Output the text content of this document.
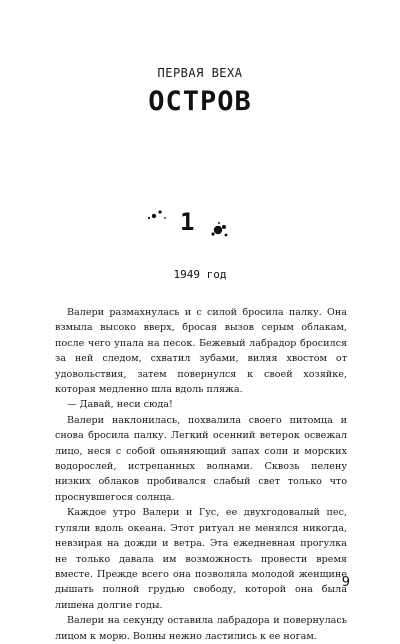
ПЕРВАЯ ВЕХА
ОСТРОВ
1
1949 год

Валери размахнулась и с силой бросила палку. Она взмыла высоко вверх, бросая вызов серым облакам, после чего упала на песок. Бежевый лабрадор бросился за ней следом, схватил зубами, виляя хвостом от удовольствия, затем повернулся к своей хозяйке, которая медленно шла вдоль пляжа.

— Давай, неси сюда!

Валери наклонилась, похвалила своего питомца и снова бросила палку. Легкий осенний ветерок освежал лицо, неся с собой опьяняющий запах соли и морских водорослей, истрепанных волнами. Сквозь пелену низких облаков пробивался слабый свет только что проснувшегося солнца.

Каждое утро Валери и Гус, ее двухгодовалый пес, гуляли вдоль океана. Этот ритуал не менялся никогда, невзирая на дожди и ветра. Эта ежедневная прогулка не только давала им возможность провести время вместе. Прежде всего она позволяла молодой женщине дышать полной грудью свободу, которой она была лишена долгие годы.

Валери на секунду оставила лабрадора и повернулась лицом к морю. Волны нежно ластились к ее ногам.

9
